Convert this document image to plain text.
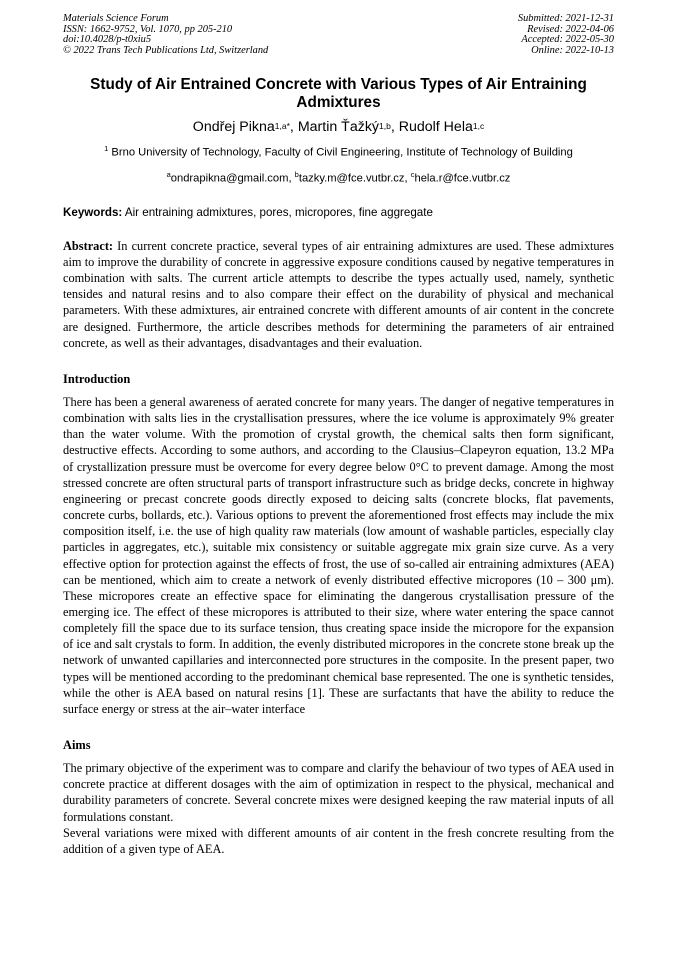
Materials Science Forum
ISSN: 1662-9752, Vol. 1070, pp 205-210
doi:10.4028/p-t0xiu5
© 2022 Trans Tech Publications Ltd, Switzerland
Submitted: 2021-12-31
Revised: 2022-04-06
Accepted: 2022-05-30
Online: 2022-10-13
Study of Air Entrained Concrete with Various Types of Air Entraining Admixtures
Ondřej Pikna$^{1,a*}$, Martin Ťažký$^{1,b}$, Rudolf Hela$^{1,c}$
$^1$ Brno University of Technology, Faculty of Civil Engineering, Institute of Technology of Building
$^a$ondrapikna@gmail.com, $^b$tazky.m@fce.vutbr.cz, $^c$hela.r@fce.vutbr.cz
Keywords: Air entraining admixtures, pores, micropores, fine aggregate
Abstract: In current concrete practice, several types of air entraining admixtures are used. These admixtures aim to improve the durability of concrete in aggressive exposure conditions caused by negative temperatures in combination with salts. The current article attempts to describe the types actually used, namely, synthetic tensides and natural resins and to also compare their effect on the durability of physical and mechanical parameters. With these admixtures, air entrained concrete with different amounts of air content in the concrete are designed. Furthermore, the article describes methods for determining the parameters of air entrained concrete, as well as their advantages, disadvantages and their evaluation.
Introduction
There has been a general awareness of aerated concrete for many years. The danger of negative temperatures in combination with salts lies in the crystallisation pressures, where the ice volume is approximately 9% greater than the water volume. With the promotion of crystal growth, the chemical salts then form significant, destructive effects. According to some authors, and according to the Clausius–Clapeyron equation, 13.2 MPa of crystallization pressure must be overcome for every degree below 0°C to prevent damage. Among the most stressed concrete are often structural parts of transport infrastructure such as bridge decks, concrete in highway engineering or precast concrete goods directly exposed to deicing salts (concrete blocks, flat pavements, concrete curbs, bollards, etc.). Various options to prevent the aforementioned frost effects may include the mix composition itself, i.e. the use of high quality raw materials (low amount of washable particles, especially clay particles in aggregates, etc.), suitable mix consistency or suitable aggregate mix grain size curve. As a very effective option for protection against the effects of frost, the use of so-called air entraining admixtures (AEA) can be mentioned, which aim to create a network of evenly distributed effective micropores (10 – 300 μm). These micropores create an effective space for eliminating the dangerous crystallisation pressure of the emerging ice. The effect of these micropores is attributed to their size, where water entering the space cannot completely fill the space due to its surface tension, thus creating space inside the micropore for the expansion of ice and salt crystals to form. In addition, the evenly distributed micropores in the concrete stone break up the network of unwanted capillaries and interconnected pore structures in the composite. In the present paper, two types will be mentioned according to the predominant chemical base represented. The one is synthetic tensides, while the other is AEA based on natural resins [1]. These are surfactants that have the ability to reduce the surface energy or stress at the air–water interface
Aims
The primary objective of the experiment was to compare and clarify the behaviour of two types of AEA used in concrete practice at different dosages with the aim of optimization in respect to the physical, mechanical and durability parameters of concrete. Several concrete mixes were designed keeping the raw material inputs of all formulations constant.
Several variations were mixed with different amounts of air content in the fresh concrete resulting from the addition of a given type of AEA.
